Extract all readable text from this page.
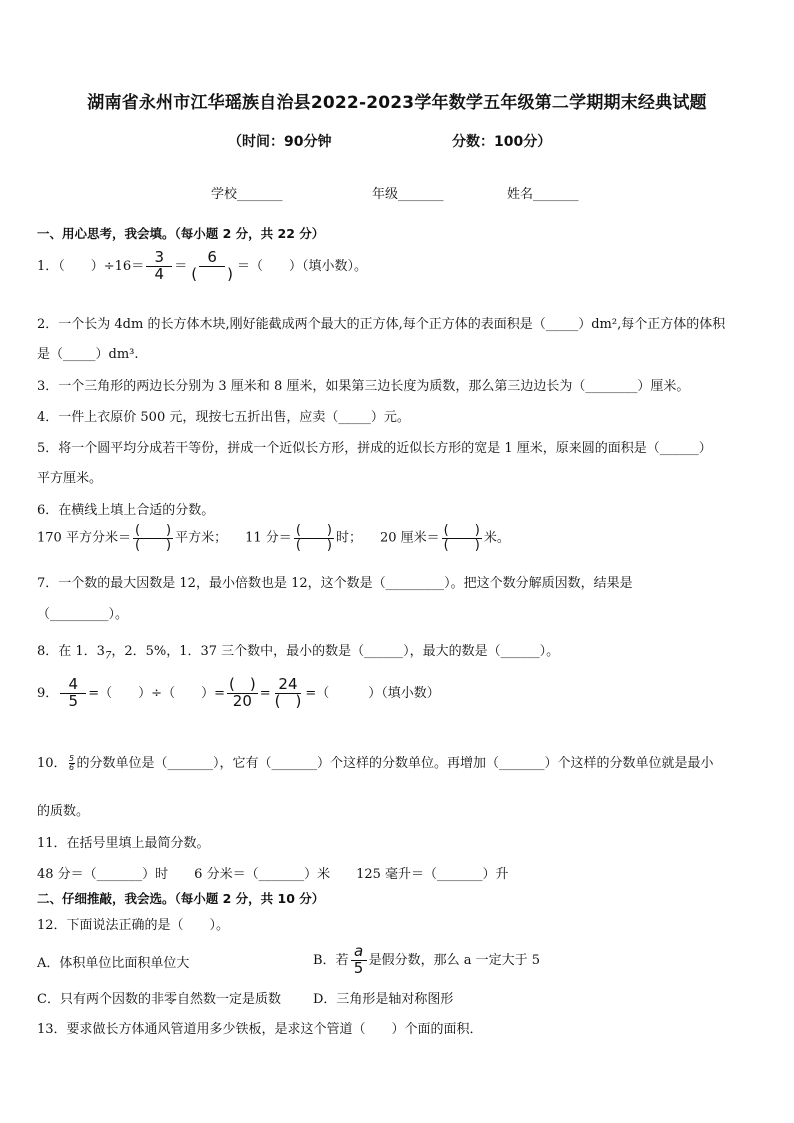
湖南省永州市江华瑶族自治县2022-2023学年数学五年级第二学期期末经典试题
（时间：90分钟	分数：100分）
学校_______	年级_______	姓名_______
一、用心思考，我会填。（每小题 2 分，共 22 分）
1．（　　）$\div 16= \frac{3}{4} = \frac{6}{( )}$ ＝（　　）（填小数）。
2．一个长为 4dm 的长方体木块,刚好能截成两个最大的正方体,每个正方体的表面积是（_____）dm²,每个正方体的体积
是（_____）dm³.
3．一个三角形的两边长分别为 3 厘米和 8 厘米，如果第三边长度为质数，那么第三边边长为（________）厘米。
4．一件上衣原价 500 元，现按七五折出售，应卖（_____）元。
5．将一个圆平均分成若干等份，拼成一个近似长方形，拼成的近似长方形的宽是 1 厘米，原来圆的面积是（______）
平方厘米。
6．在横线上填上合适的分数。
170 平方分米＝ $\frac{( )}{( )}$ 平方米； 11 分＝ $\frac{( )}{( )}$ 时； 20 厘米＝ $\frac{( )}{( )}$ 米。
7．一个数的最大因数是 12，最小倍数也是 12，这个数是（_________）。把这个数分解质因数，结果是
（_________）。
8．在 1．$3_7$，2．5%，1．37 三个数中，最小的数是（______），最大的数是（______）。
9． $\frac{4}{5}$ =（　　）÷（　　）= $\frac{( )}{20} = \frac{24}{( )}$ =（　　　）（填小数）
10． $\frac{5}{6}$ 的分数单位是（_______），它有（_______）个这样的分数单位。再增加（_______）个这样的分数单位就是最小
的质数。
11．在括号里填上最简分数。
48 分＝（_______）时　　6 分米＝（_______）米　　125 毫升＝（_______）升
二、仔细推敲，我会选。（每小题 2 分，共 10 分）
12．下面说法正确的是（　　）。
A．体积单位比面积单位大	B．若 $\frac{a}{5}$ 是假分数，那么 a 一定大于 5
C．只有两个因数的非零自然数一定是质数 D．三角形是轴对称图形
13．要求做长方体通风管道用多少铁板，是求这个管道（　　）个面的面积．
